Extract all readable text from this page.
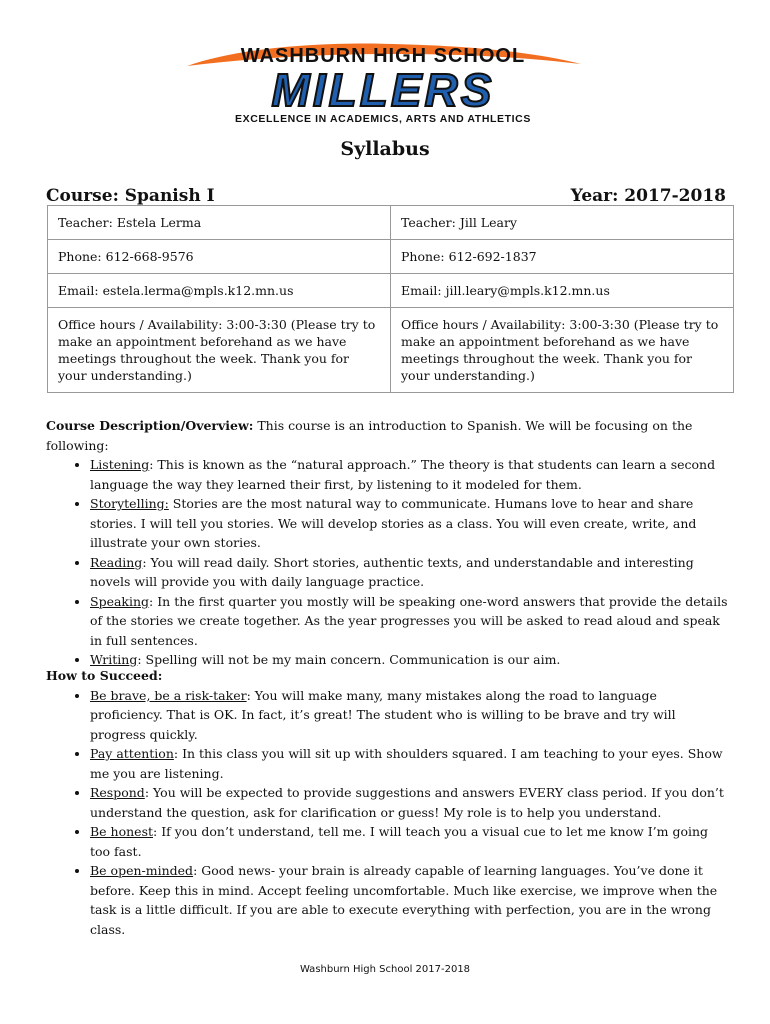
WASHBURN HIGH SCHOOL
MILLERS
EXCELLENCE IN ACADEMICS, ARTS AND ATHLETICS
Syllabus
Course: Spanish I	Year: 2017-2018
Teacher: Estela Lerma	Teacher: Jill Leary
Phone: 612-668-9576	Phone: 612-692-1837
Email: estela.lerma@mpls.k12.mn.us	Email: jill.leary@mpls.k12.mn.us
Office hours / Availability: 3:00-3:30 (Please try to make an appointment beforehand as we have meetings throughout the week. Thank you for your understanding.)	Office hours / Availability: 3:00-3:30 (Please try to make an appointment beforehand as we have meetings throughout the week. Thank you for your understanding.)
Course Description/Overview: This course is an introduction to Spanish. We will be focusing on the following:
• Listening: This is known as the “natural approach.” The theory is that students can learn a second language the way they learned their first, by listening to it modeled for them.
• Storytelling: Stories are the most natural way to communicate. Humans love to hear and share stories. I will tell you stories. We will develop stories as a class. You will even create, write, and illustrate your own stories.
• Reading: You will read daily. Short stories, authentic texts, and understandable and interesting novels will provide you with daily language practice.
• Speaking: In the first quarter you mostly will be speaking one-word answers that provide the details of the stories we create together. As the year progresses you will be asked to read aloud and speak in full sentences.
• Writing: Spelling will not be my main concern. Communication is our aim.
How to Succeed:
• Be brave, be a risk-taker: You will make many, many mistakes along the road to language proficiency. That is OK. In fact, it’s great! The student who is willing to be brave and try will progress quickly.
• Pay attention: In this class you will sit up with shoulders squared. I am teaching to your eyes. Show me you are listening.
• Respond: You will be expected to provide suggestions and answers EVERY class period. If you don’t understand the question, ask for clarification or guess! My role is to help you understand.
• Be honest: If you don’t understand, tell me. I will teach you a visual cue to let me know I’m going too fast.
• Be open-minded: Good news- your brain is already capable of learning languages. You’ve done it before. Keep this in mind. Accept feeling uncomfortable. Much like exercise, we improve when the task is a little difficult. If you are able to execute everything with perfection, you are in the wrong class.
Washburn High School 2017-2018
